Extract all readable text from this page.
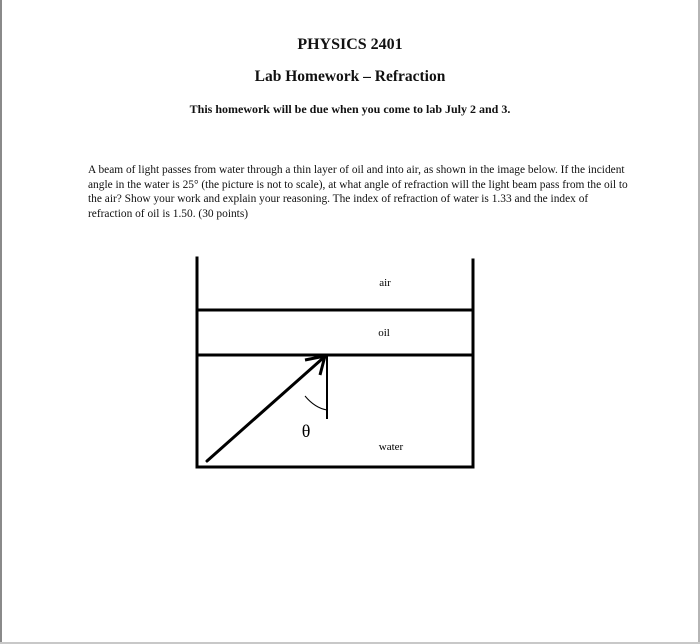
PHYSICS 2401
Lab Homework – Refraction
This homework will be due when you come to lab July 2 and 3.

A beam of light passes from water through a thin layer of oil and into air, as shown in the image below. If the incident angle in the water is 25° (the picture is not to scale), at what angle of refraction will the light beam pass from the oil to the air? Show your work and explain your reasoning. The index of refraction of water is 1.33 and the index of refraction of oil is 1.50. (30 points)

θ
air
oil
water
